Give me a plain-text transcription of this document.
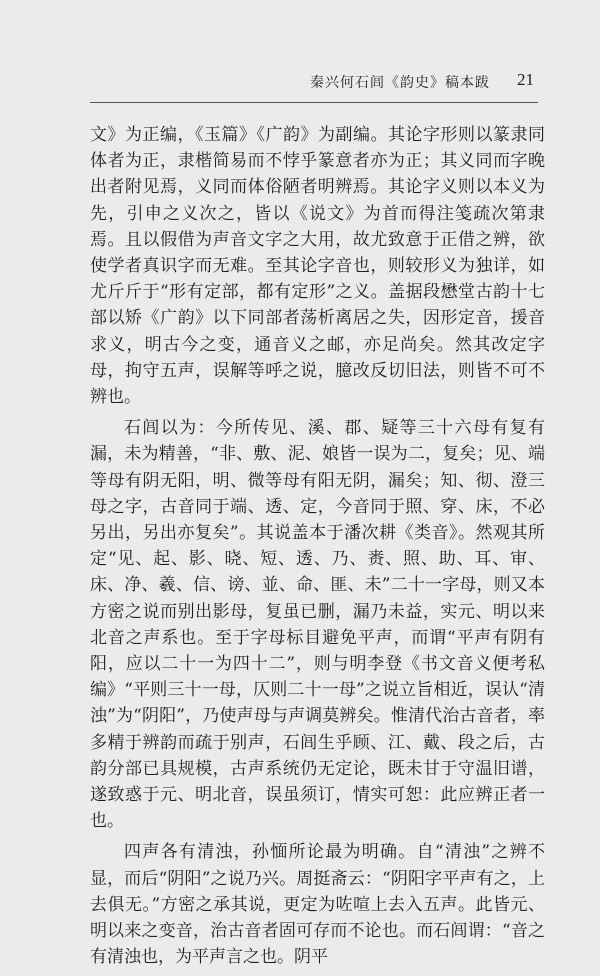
秦兴何石闾《韵史》稿本跋 21

文》为正编，《玉篇》《广韵》为副编。其论字形则以篆隶同体者为正，隶楷简易而不悖乎篆意者亦为正；其义同而字晚出者附见焉，义同而体俗陋者明辨焉。其论字义则以本义为先，引申之义次之，皆以《说文》为首而得注笺疏次第隶焉。且以假借为声音文字之大用，故尤致意于正借之辨，欲使学者真识字而无难。至其论字音也，则较形义为独详，如尤斤斤于“形有定部，都有定形”之义。盖据段懋堂古韵十七部以矫《广韵》以下同部者荡析离居之失，因形定音，援音求义，明古今之变，通音义之邮，亦足尚矣。然其改定字母，拘守五声，误解等呼之说，臆改反切旧法，则皆不可不辨也。

石闾以为：今所传见、溪、郡、疑等三十六母有复有漏，未为精善，“非、敷、泥、娘皆一误为二，复矣；见、端等母有阴无阳，明、微等母有阳无阴，漏矣；知、彻、澄三母之字，古音同于端、透、定，今音同于照、穿、床，不必另出，另出亦复矣”。其说盖本于潘次耕《类音》。然观其所定“见、起、影、晓、短、透、乃、赉、照、助、耳、审、床、净、羲、信、谤、並、命、匪、未”二十一字母，则又本方密之说而别出影母，复虽已删，漏乃未益，实元、明以来北音之声系也。至于字母标目避免平声，而谓“平声有阴有阳，应以二十一为四十二”，则与明李登《书文音义便考私编》“平则三十一母，仄则二十一母”之说立旨相近，误认“清浊”为“阴阳”，乃使声母与声调莫辨矣。惟清代治古音者，率多精于辨韵而疏于别声，石闾生乎顾、江、戴、段之后，古韵分部已具规模，古声系统仍无定论，既未甘于守温旧谱，遂致惑于元、明北音，误虽须订，情实可恕：此应辨正者一也。

四声各有清浊，孙愐所论最为明确。自“清浊”之辨不显，而后“阴阳”之说乃兴。周挺斋云：“阴阳字平声有之，上去俱无。”方密之承其说，更定为咗喧上去入五声。此皆元、明以来之变音，治古音者固可存而不论也。而石闾谓：“音之有清浊也，为平声言之也。阴平
